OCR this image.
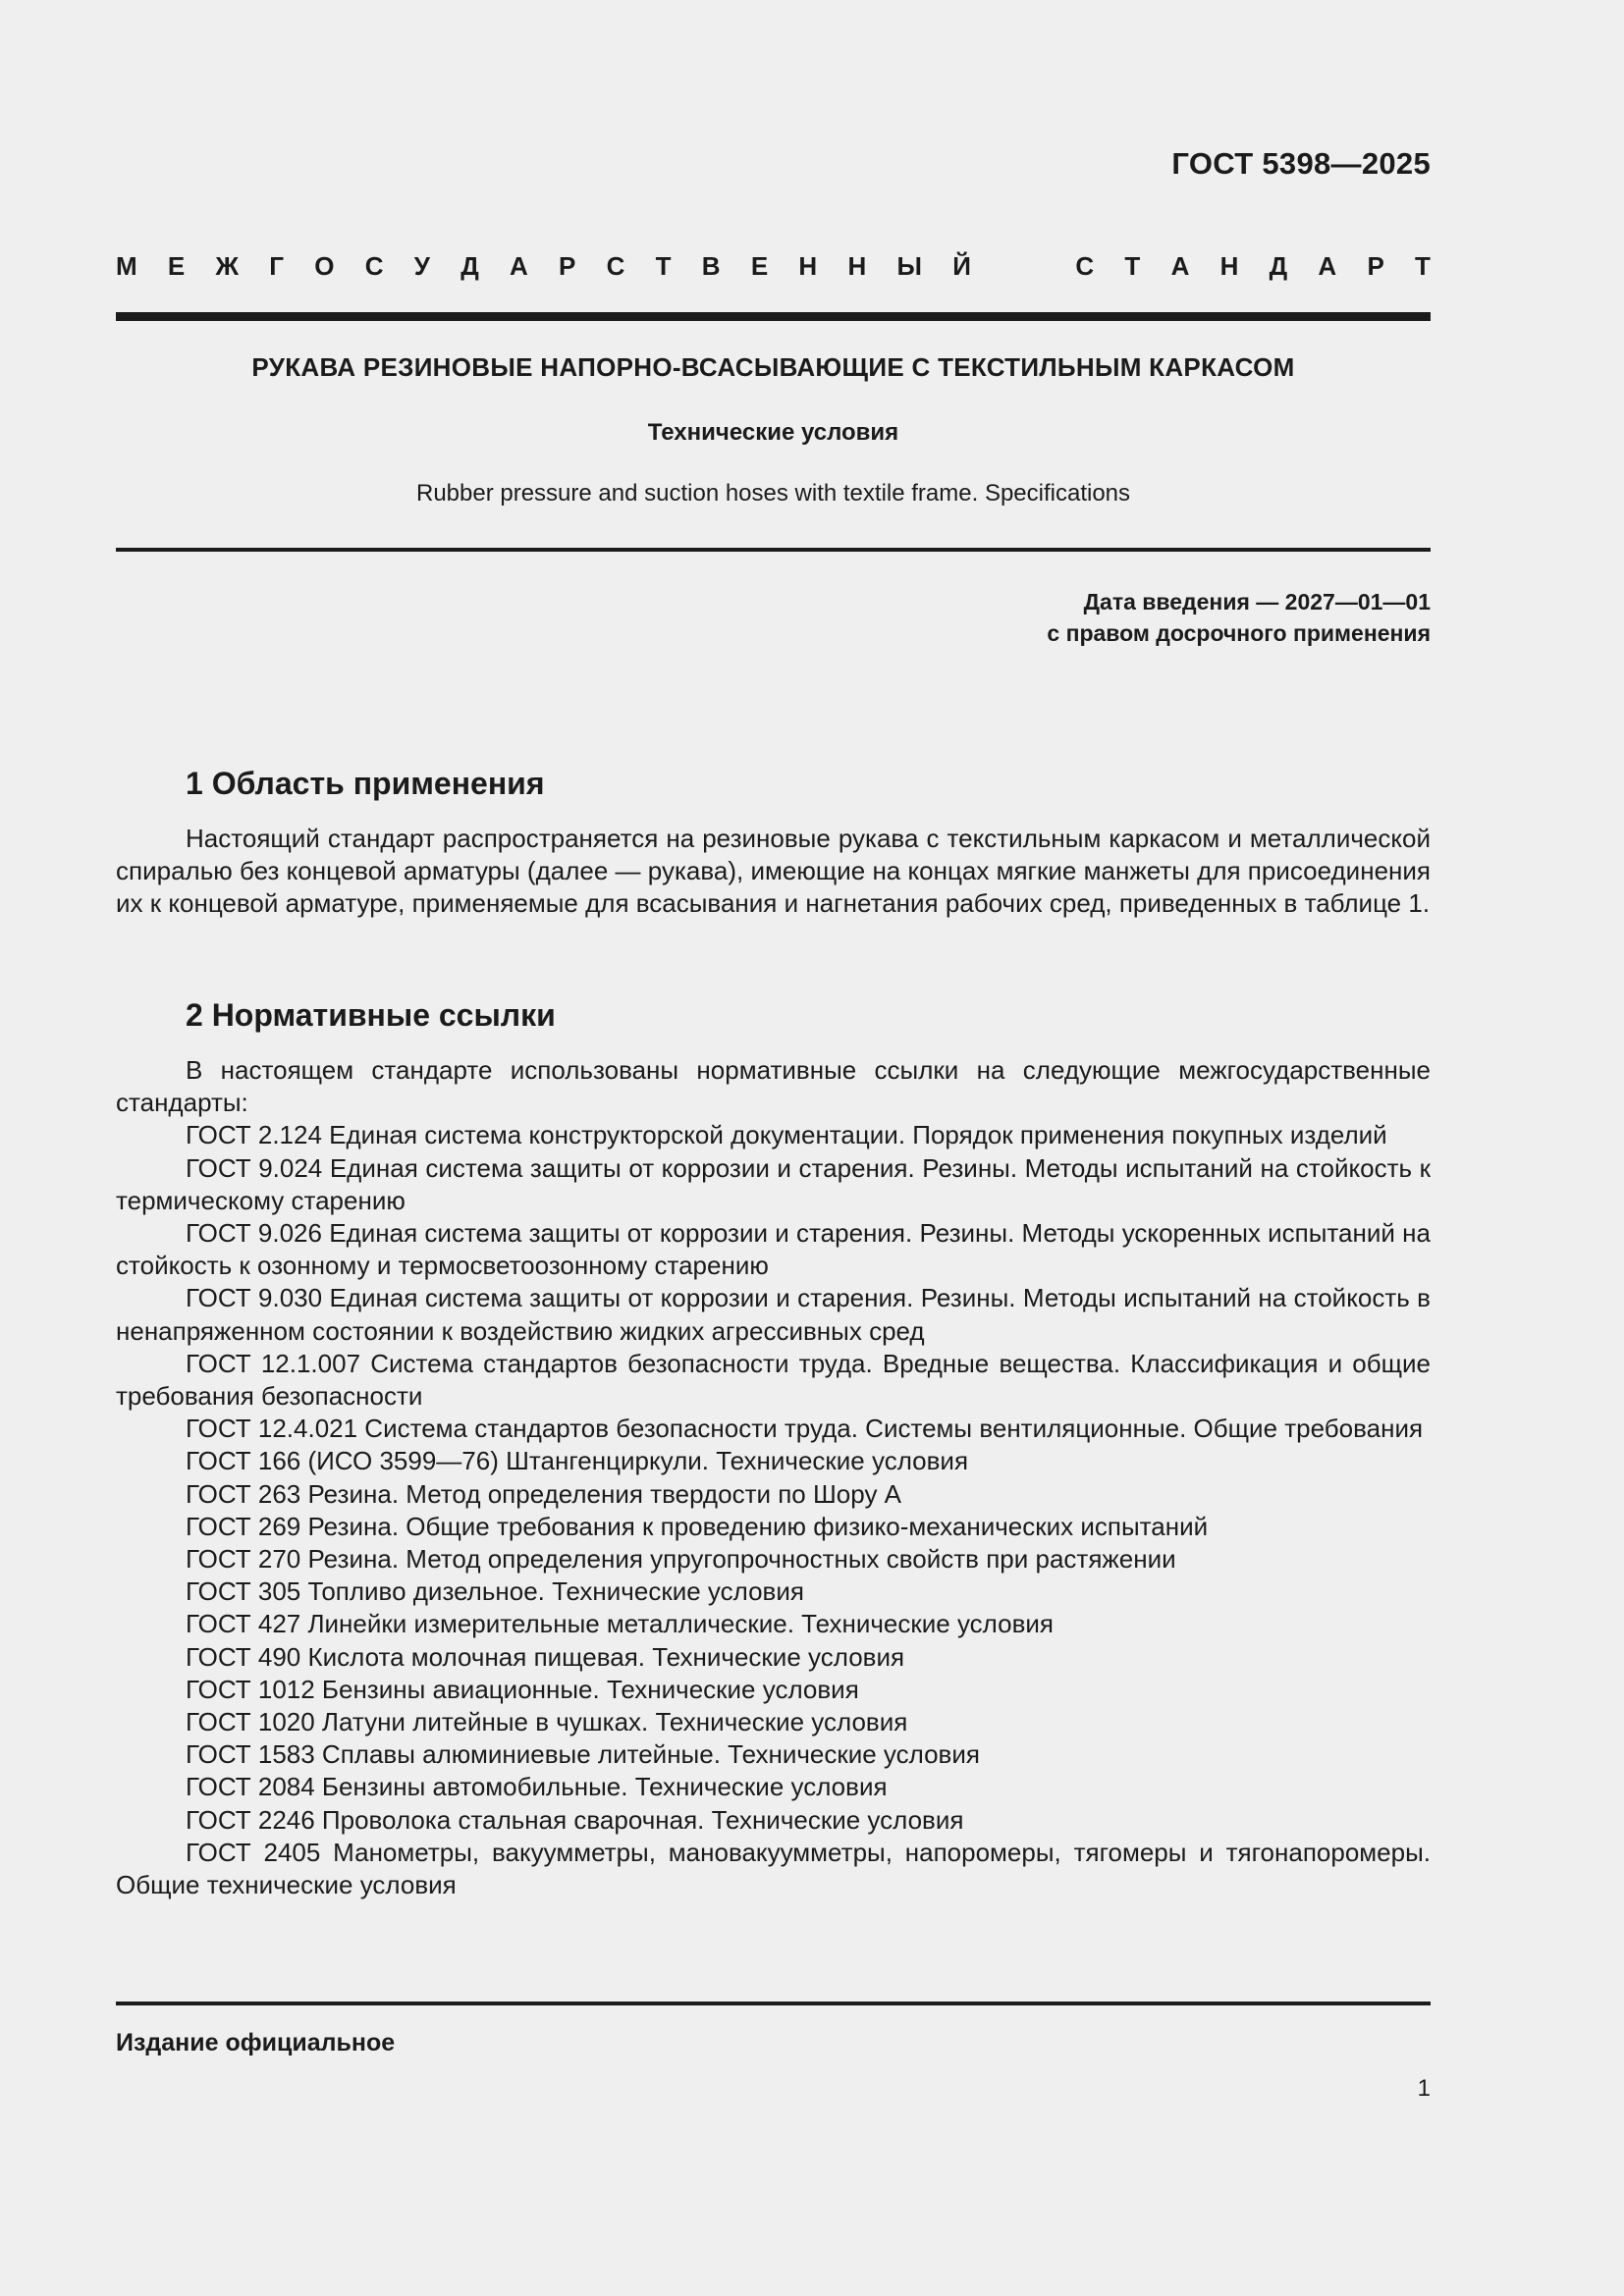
ГОСТ 5398—2025
М Е Ж Г О С У Д А Р С Т В Е Н Н Ы Й	С Т А Н Д А Р Т
РУКАВА РЕЗИНОВЫЕ НАПОРНО-ВСАСЫВАЮЩИЕ С ТЕКСТИЛЬНЫМ КАРКАСОМ
Технические условия
Rubber pressure and suction hoses with textile frame. Specifications
Дата введения — 2027—01—01
с правом досрочного применения
1 Область применения

Настоящий стандарт распространяется на резиновые рукава с текстильным каркасом и металлической спиралью без концевой арматуры (далее — рукава), имеющие на концах мягкие манжеты для присоединения их к концевой арматуре, применяемые для всасывания и нагнетания рабочих сред, приведенных в таблице 1.

2 Нормативные ссылки

В настоящем стандарте использованы нормативные ссылки на следующие межгосударственные стандарты:

ГОСТ 2.124 Единая система конструкторской документации. Порядок применения покупных изделий

ГОСТ 9.024 Единая система защиты от коррозии и старения. Резины. Методы испытаний на стойкость к термическому старению

ГОСТ 9.026 Единая система защиты от коррозии и старения. Резины. Методы ускоренных испытаний на стойкость к озонному и термосветоозонному старению

ГОСТ 9.030 Единая система защиты от коррозии и старения. Резины. Методы испытаний на стойкость в ненапряженном состоянии к воздействию жидких агрессивных сред

ГОСТ 12.1.007 Система стандартов безопасности труда. Вредные вещества. Классификация и общие требования безопасности

ГОСТ 12.4.021 Система стандартов безопасности труда. Системы вентиляционные. Общие требования

ГОСТ 166 (ИСО 3599—76) Штангенциркули. Технические условия

ГОСТ 263 Резина. Метод определения твердости по Шору А

ГОСТ 269 Резина. Общие требования к проведению физико-механических испытаний

ГОСТ 270 Резина. Метод определения упругопрочностных свойств при растяжении

ГОСТ 305 Топливо дизельное. Технические условия

ГОСТ 427 Линейки измерительные металлические. Технические условия

ГОСТ 490 Кислота молочная пищевая. Технические условия

ГОСТ 1012 Бензины авиационные. Технические условия

ГОСТ 1020 Латуни литейные в чушках. Технические условия

ГОСТ 1583 Сплавы алюминиевые литейные. Технические условия

ГОСТ 2084 Бензины автомобильные. Технические условия

ГОСТ 2246 Проволока стальная сварочная. Технические условия

ГОСТ 2405 Манометры, вакуумметры, мановакуумметры, напоромеры, тягомеры и тягонапоромеры. Общие технические условия

Издание официальное
1
